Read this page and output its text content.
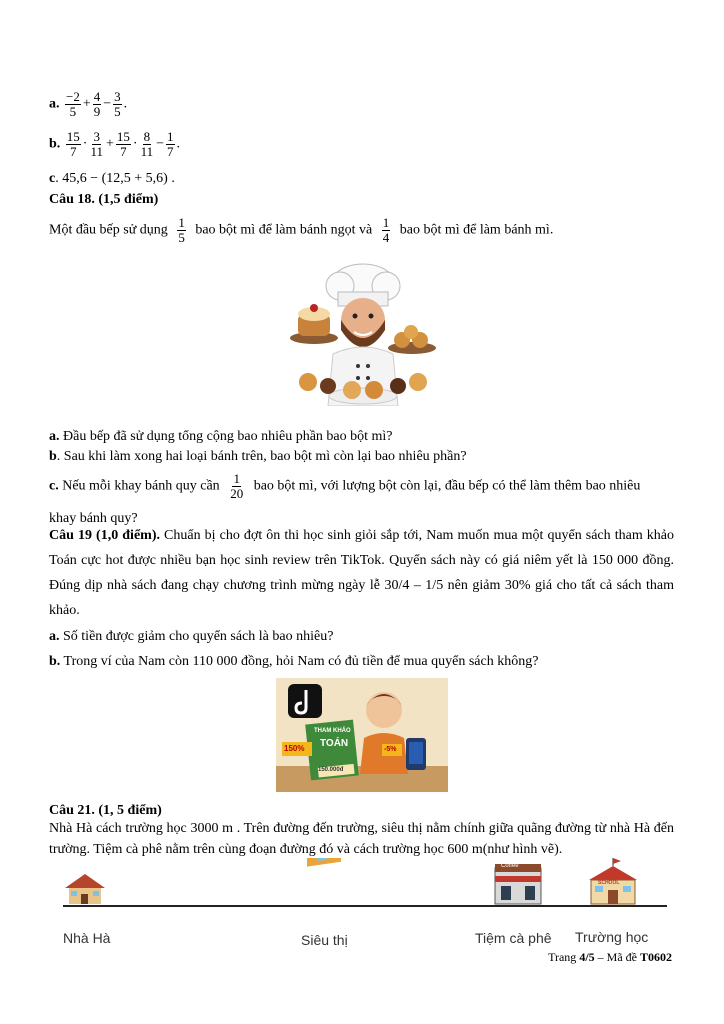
a. $\frac{-2}{5} + \frac{4}{9} - \frac{3}{5}$ .
b. $\frac{15}{7} \cdot \frac{3}{11} + \frac{15}{7} \cdot \frac{8}{11} - \frac{1}{7}$ .
c. 45,6 − (12,5 + 5,6) .
Câu 18. (1,5 điểm)
Một đầu bếp sử dụng $\frac{1}{5}$ bao bột mì để làm bánh ngọt và $\frac{1}{4}$ bao bột mì để làm bánh mì.
a. Đầu bếp đã sử dụng tổng cộng bao nhiêu phần bao bột mì?
b. Sau khi làm xong hai loại bánh trên, bao bột mì còn lại bao nhiêu phần?
c. Nếu mỗi khay bánh quy cần $\frac{1}{20}$ bao bột mì, với lượng bột còn lại, đầu bếp có thể làm thêm bao nhiêu
khay bánh quy?
Câu 19 (1,0 điểm). Chuẩn bị cho đợt ôn thi học sinh giỏi sắp tới, Nam muốn mua một quyển sách tham khảo Toán cực hot được nhiều bạn học sinh review trên TikTok. Quyển sách này có giá niêm yết là 150 000 đồng. Đúng dịp nhà sách đang chạy chương trình mừng ngày lễ 30/4 – 1/5 nên giảm 30% giá cho tất cả sách tham khảo.
a. Số tiền được giảm cho quyển sách là bao nhiêu?
b. Trong ví của Nam còn 110 000 đồng, hỏi Nam có đủ tiền để mua quyển sách không?
THAM KHẢO
TOÁN
150%	-5%
150.000đ
Câu 21. (1, 5 điểm)
Nhà Hà cách trường học 3000 m . Trên đường đến trường, siêu thị nằm chính giữa quãng đường từ nhà Hà đến trường. Tiệm cà phê nằm trên cùng đoạn đường đó và cách trường học 600 m(như hình vẽ).
Coffee
SCHOOL
Nhà Hà	Siêu thị	Tiệm cà phê Trường học
Trang 4/5 – Mã đề T0602
